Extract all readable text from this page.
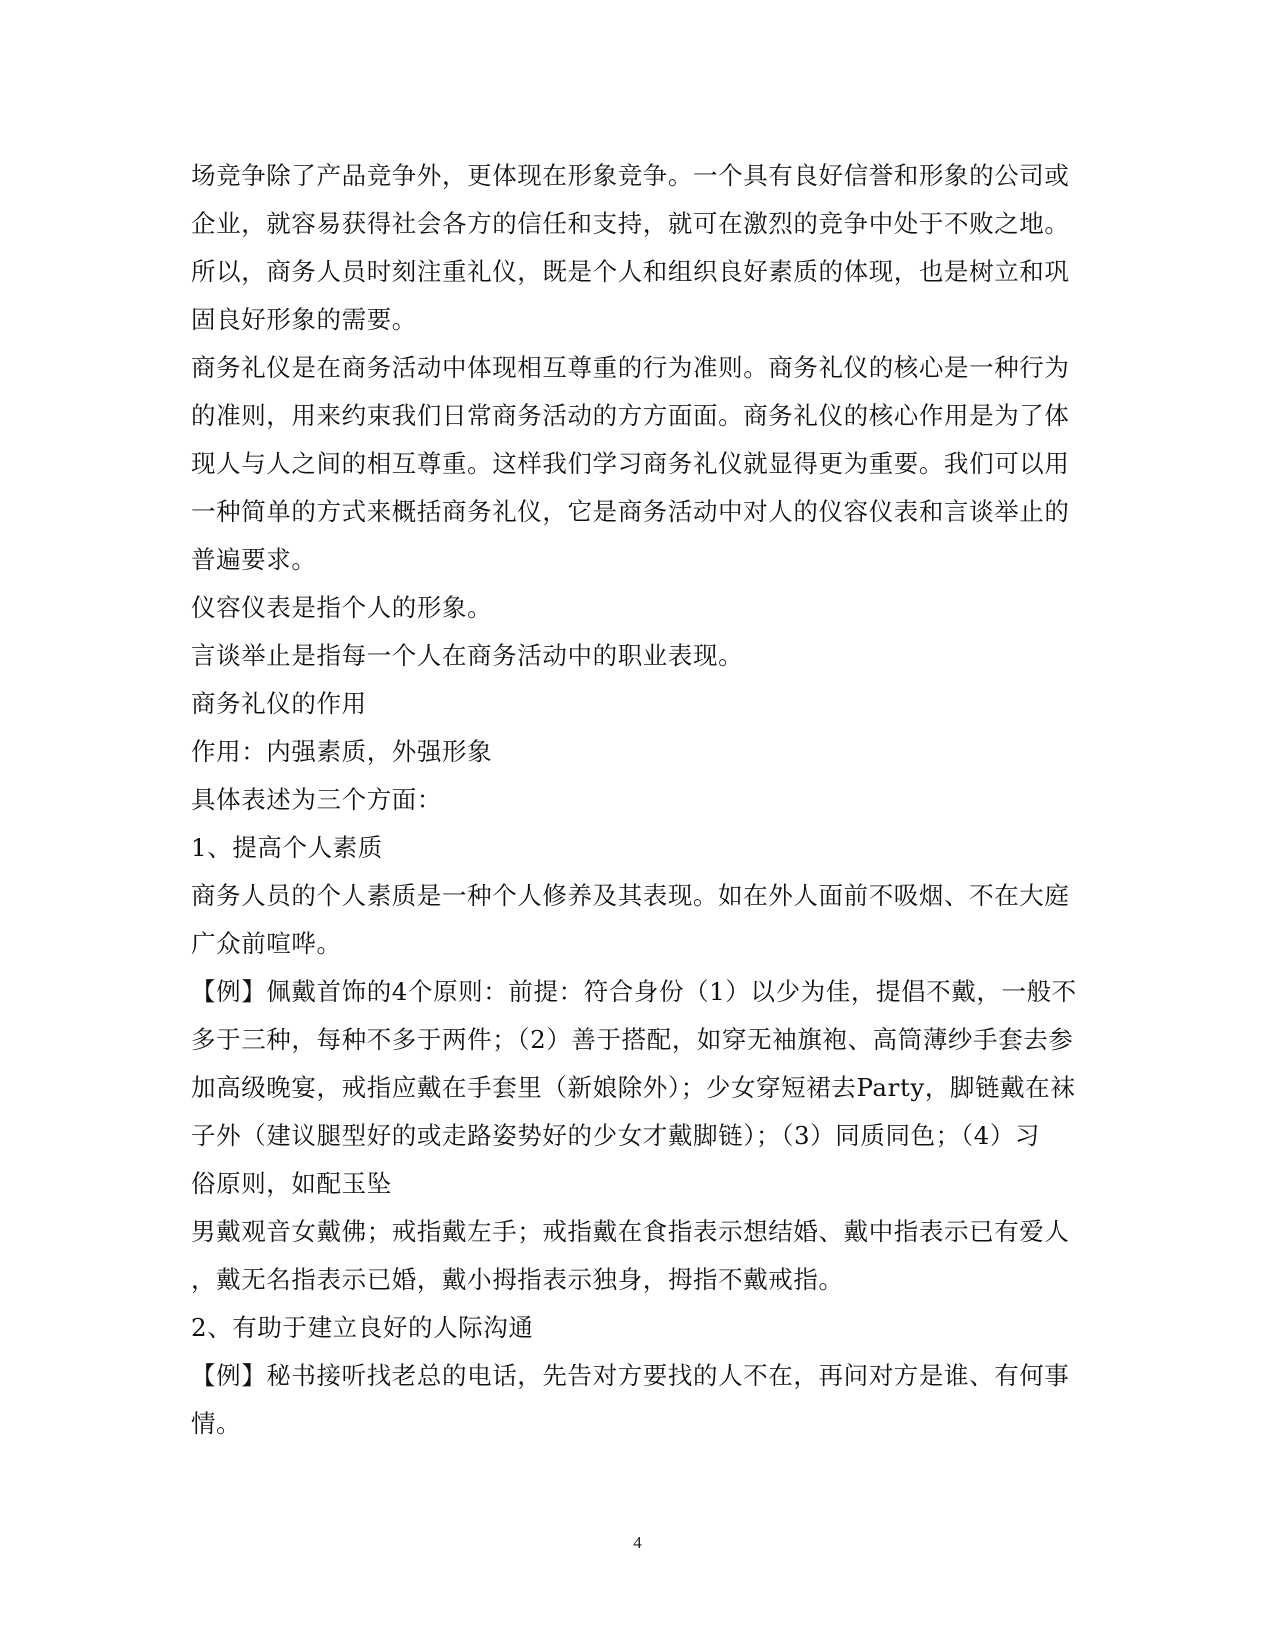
场竞争除了产品竞争外，更体现在形象竞争。一个具有良好信誉和形象的公司或
企业，就容易获得社会各方的信任和支持，就可在激烈的竞争中处于不败之地。
所以，商务人员时刻注重礼仪，既是个人和组织良好素质的体现，也是树立和巩
固良好形象的需要。
商务礼仪是在商务活动中体现相互尊重的行为准则。商务礼仪的核心是一种行为
的准则，用来约束我们日常商务活动的方方面面。商务礼仪的核心作用是为了体
现人与人之间的相互尊重。这样我们学习商务礼仪就显得更为重要。我们可以用
一种简单的方式来概括商务礼仪，它是商务活动中对人的仪容仪表和言谈举止的
普遍要求。
仪容仪表是指个人的形象。
言谈举止是指每一个人在商务活动中的职业表现。
商务礼仪的作用
作用：内强素质，外强形象
具体表述为三个方面：
1、提高个人素质
商务人员的个人素质是一种个人修养及其表现。如在外人面前不吸烟、不在大庭
广众前喧哗。
【例】佩戴首饰的4个原则：前提：符合身份（1）以少为佳，提倡不戴，一般不
多于三种，每种不多于两件；（2）善于搭配，如穿无袖旗袍、高筒薄纱手套去参
加高级晚宴，戒指应戴在手套里（新娘除外）；少女穿短裙去Party，脚链戴在袜
子外（建议腿型好的或走路姿势好的少女才戴脚链）；（3）同质同色；（4）习
俗原则，如配玉坠
男戴观音女戴佛；戒指戴左手；戒指戴在食指表示想结婚、戴中指表示已有爱人
，戴无名指表示已婚，戴小拇指表示独身，拇指不戴戒指。
2、有助于建立良好的人际沟通
【例】秘书接听找老总的电话，先告对方要找的人不在，再问对方是谁、有何事
情。
4
